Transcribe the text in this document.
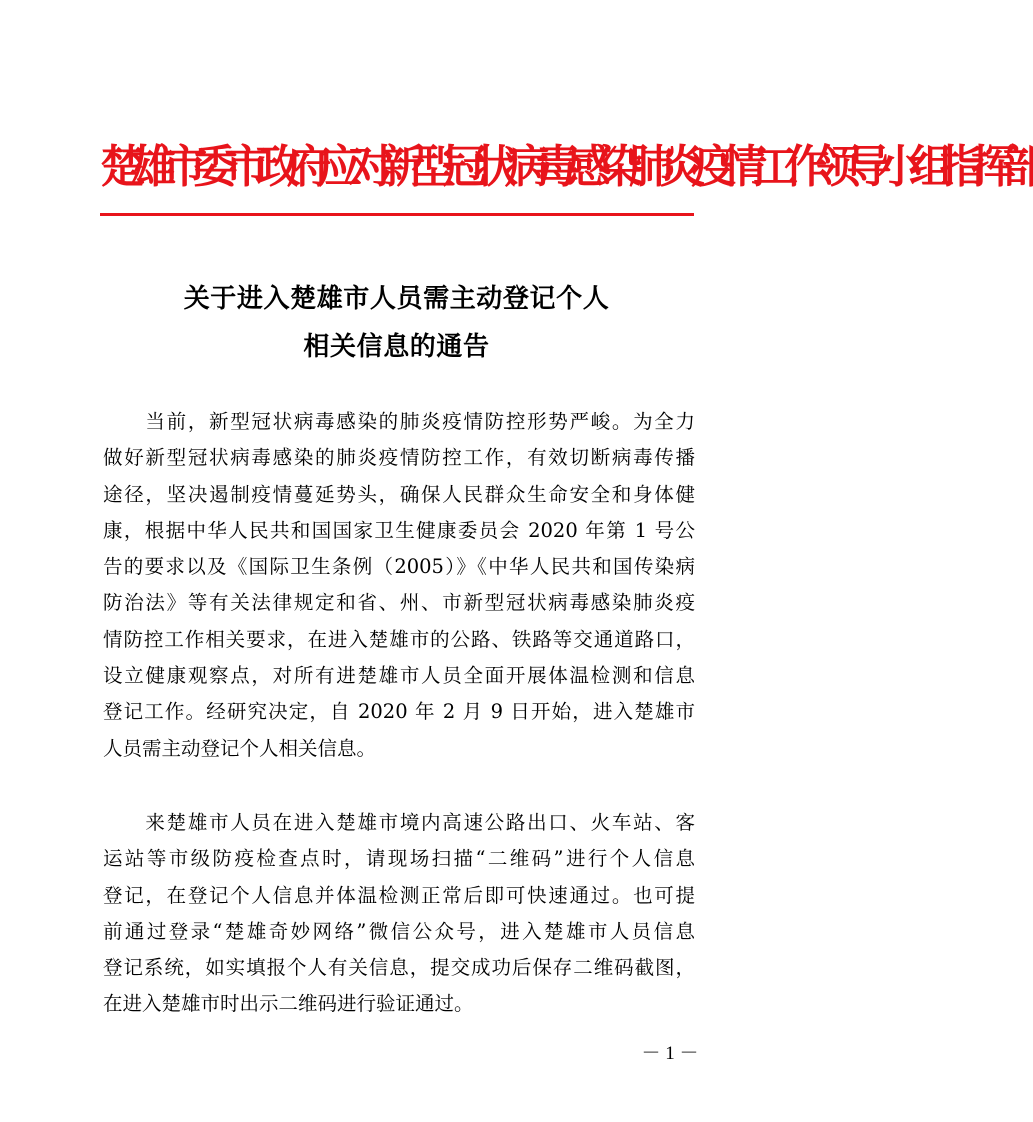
楚雄市委市政府应对新型冠状病毒感染肺炎疫情工作领导小组指挥部
关于进入楚雄市人员需主动登记个人
相关信息的通告
　　当前，新型冠状病毒感染的肺炎疫情防控形势严峻。为全力
做好新型冠状病毒感染的肺炎疫情防控工作，有效切断病毒传播
途径，坚决遏制疫情蔓延势头，确保人民群众生命安全和身体健
康，根据中华人民共和国国家卫生健康委员会 2020 年第 1 号公
告的要求以及《国际卫生条例（2005）》《中华人民共和国传染病
防治法》等有关法律规定和省、州、市新型冠状病毒感染肺炎疫
情防控工作相关要求，在进入楚雄市的公路、铁路等交通道路口，
设立健康观察点，对所有进楚雄市人员全面开展体温检测和信息
登记工作。经研究决定，自 2020 年 2 月 9 日开始，进入楚雄市
人员需主动登记个人相关信息。
　　来楚雄市人员在进入楚雄市境内高速公路出口、火车站、客
运站等市级防疫检查点时，请现场扫描“二维码”进行个人信息
登记，在登记个人信息并体温检测正常后即可快速通过。也可提
前通过登录“楚雄奇妙网络”微信公众号，进入楚雄市人员信息
登记系统，如实填报个人有关信息，提交成功后保存二维码截图，
在进入楚雄市时出示二维码进行验证通过。
－ 1 －
